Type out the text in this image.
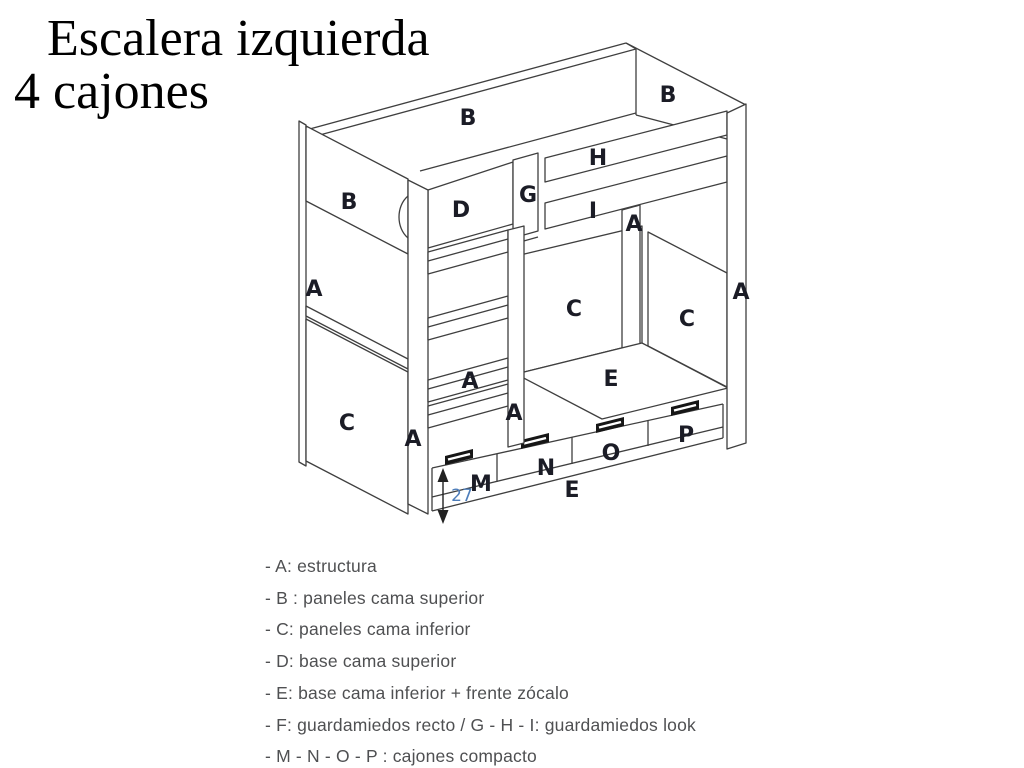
Escalera izquierda
4 cajones
27
B
B
B	D
G
H
I
A
A
A
A
A
A
C
C	C
E
E
M
N
O
P
- A: estructura
- B : paneles cama superior
- C: paneles cama inferior
- D: base cama superior
- E: base cama inferior + frente zócalo
- F: guardamiedos recto / G - H - I: guardamiedos look
- M - N - O - P : cajones compacto
